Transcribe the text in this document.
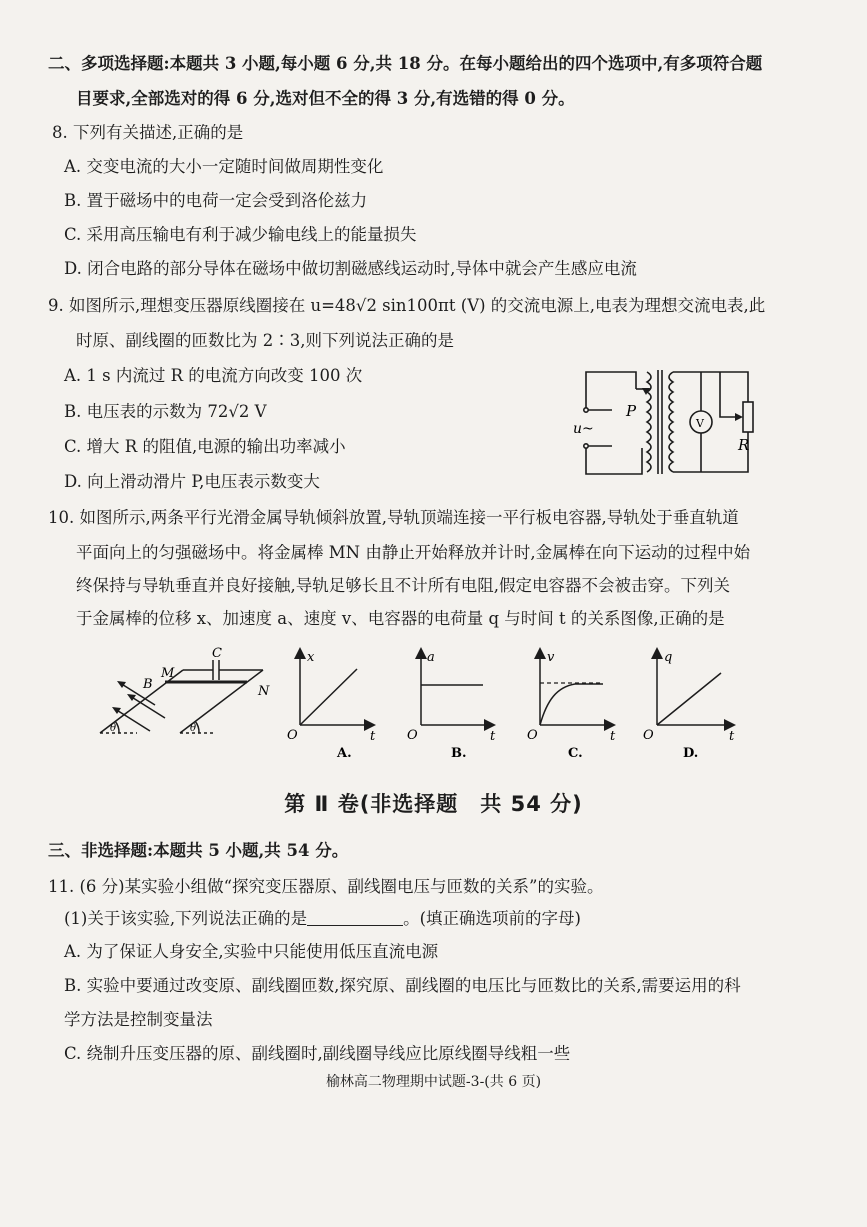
二、多项选择题:本题共 3 小题,每小题 6 分,共 18 分。在每小题给出的四个选项中,有多项符合题
目要求,全部选对的得 6 分,选对但不全的得 3 分,有选错的得 0 分。
8. 下列有关描述,正确的是
A. 交变电流的大小一定随时间做周期性变化
B. 置于磁场中的电荷一定会受到洛伦兹力
C. 采用高压输电有利于减少输电线上的能量损失
D. 闭合电路的部分导体在磁场中做切割磁感线运动时,导体中就会产生感应电流
9. 如图所示,理想变压器原线圈接在 u=48√2 sin100πt (V) 的交流电源上,电表为理想交流电表,此
时原、副线圈的匝数比为 2∶3,则下列说法正确的是
A. 1 s 内流过 R 的电流方向改变 100 次
B. 电压表的示数为 72√2 V
C. 增大 R 的阻值,电源的输出功率减小
D. 向上滑动滑片 P,电压表示数变大
P
u~	V
R
10. 如图所示,两条平行光滑金属导轨倾斜放置,导轨顶端连接一平行板电容器,导轨处于垂直轨道
平面向上的匀强磁场中。将金属棒 MN 由静止开始释放并计时,金属棒在向下运动的过程中始
终保持与导轨垂直并良好接触,导轨足够长且不计所有电阻,假定电容器不会被击穿。下列关
于金属棒的位移 x、加速度 a、速度 v、电容器的电荷量 q 与时间 t 的关系图像,正确的是
C
M
N
B
θ	θ
x
t
O
A.
a
t
O
B.
v
t
O
C.
q
t
O
D.
第 Ⅱ 卷(非选择题　共 54 分)
三、非选择题:本题共 5 小题,共 54 分。
11. (6 分)某实验小组做“探究变压器原、副线圈电压与匝数的关系”的实验。
(1)关于该实验,下列说法正确的是	。(填正确选项前的字母)
A. 为了保证人身安全,实验中只能使用低压直流电源
B. 实验中要通过改变原、副线圈匝数,探究原、副线圈的电压比与匝数比的关系,需要运用的科
学方法是控制变量法
C. 绕制升压变压器的原、副线圈时,副线圈导线应比原线圈导线粗一些
榆林高二物理期中试题-3-(共 6 页)
